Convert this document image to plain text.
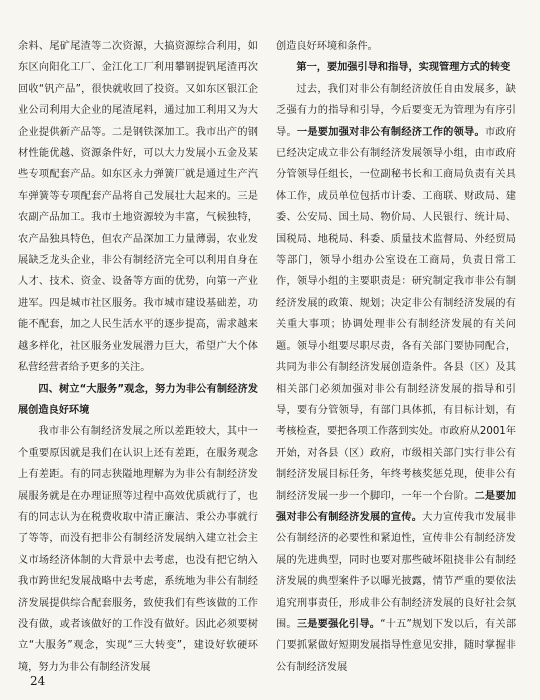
余料、尾矿尾渣等二次资源，大搞资源综合利用，如东区向阳化工厂、金江化工厂利用攀钢提钒尾渣再次回收“钒产品”，很快就收回了投资。又如东区银江企业公司利用大企业的尾渣尾料，通过加工利用又为大企业提供新产品等。二是钢铁深加工。我市出产的钢材性能优越、资源条件好，可以大力发展小五金及某些专项配套产品。如东区永力弹簧厂就是通过生产汽车弹簧等专项配套产品将自己发展壮大起来的。三是农副产品加工。我市土地资源较为丰富，气候独特，农产品独具特色，但农产品深加工力量薄弱，农业发展缺乏龙头企业，非公有制经济完全可以利用自身在人才、技术、资金、设备等方面的优势，向第一产业进军。四是城市社区服务。我市城市建设基础差，功能不配套，加之人民生活水平的逐步提高，需求越来越多样化，社区服务业发展潜力巨大，希望广大个体私营经营者给予更多的关注。

四、树立“大服务”观念，努力为非公有制经济发展创造良好环境

我市非公有制经济发展之所以差距较大，其中一个重要原因就是我们在认识上还有差距，在服务观念上有差距。有的同志狭隘地理解为为非公有制经济发展服务就是在办理证照等过程中高效优质就行了，也有的同志认为在税费收取中清正廉洁、秉公办事就行了等等，而没有把非公有制经济发展纳入建立社会主义市场经济体制的大背景中去考虑，也没有把它纳入我市跨世纪发展战略中去考虑，系统地为非公有制经济发展提供综合配套服务，致使我们有些该做的工作没有做，或者该做好的工作没有做好。因此必须要树立“大服务”观念，实现“三大转变”，建设好软硬环境，努力为非公有制经济发展

创造良好环境和条件。

第一，要加强引导和指导，实现管理方式的转变

过去，我们对非公有制经济放任自由发展多，缺乏强有力的指导和引导，今后要变无为管理为有序引导。一是要加强对非公有制经济工作的领导。市政府已经决定成立非公有制经济发展领导小组，由市政府分管领导任组长，一位副秘书长和工商局负责有关具体工作，成员单位包括市计委、工商联、财政局、建委、公安局、国土局、物价局、人民银行、统计局、国税局、地税局、科委、质量技术监督局、外经贸局等部门，领导小组办公室设在工商局，负责日常工作，领导小组的主要职责是：研究制定我市非公有制经济发展的政策、规划；决定非公有制经济发展的有关重大事项；协调处理非公有制经济发展的有关问题。领导小组要尽职尽责，各有关部门要协同配合，共同为非公有制经济发展创造条件。各县（区）及其相关部门必须加强对非公有制经济发展的指导和引导，要有分管领导，有部门具体抓，有目标计划，有考核检查，要把各项工作落到实处。市政府从2001年开始，对各县（区）政府，市级相关部门实行非公有制经济发展目标任务，年终考核奖惩兑现，使非公有制经济发展一步一个脚印，一年一个台阶。二是要加强对非公有制经济发展的宣传。大力宣传我市发展非公有制经济的必要性和紧迫性，宣传非公有制经济发展的先进典型，同时也要对那些破坏阻挠非公有制经济发展的典型案件予以曝光披露，情节严重的要依法追究刑事责任，形成非公有制经济发展的良好社会氛围。三是要强化引导。“十五”规划下发以后，有关部门要抓紧做好短期发展指导性意见安排，随时掌握非公有制经济发展

24
